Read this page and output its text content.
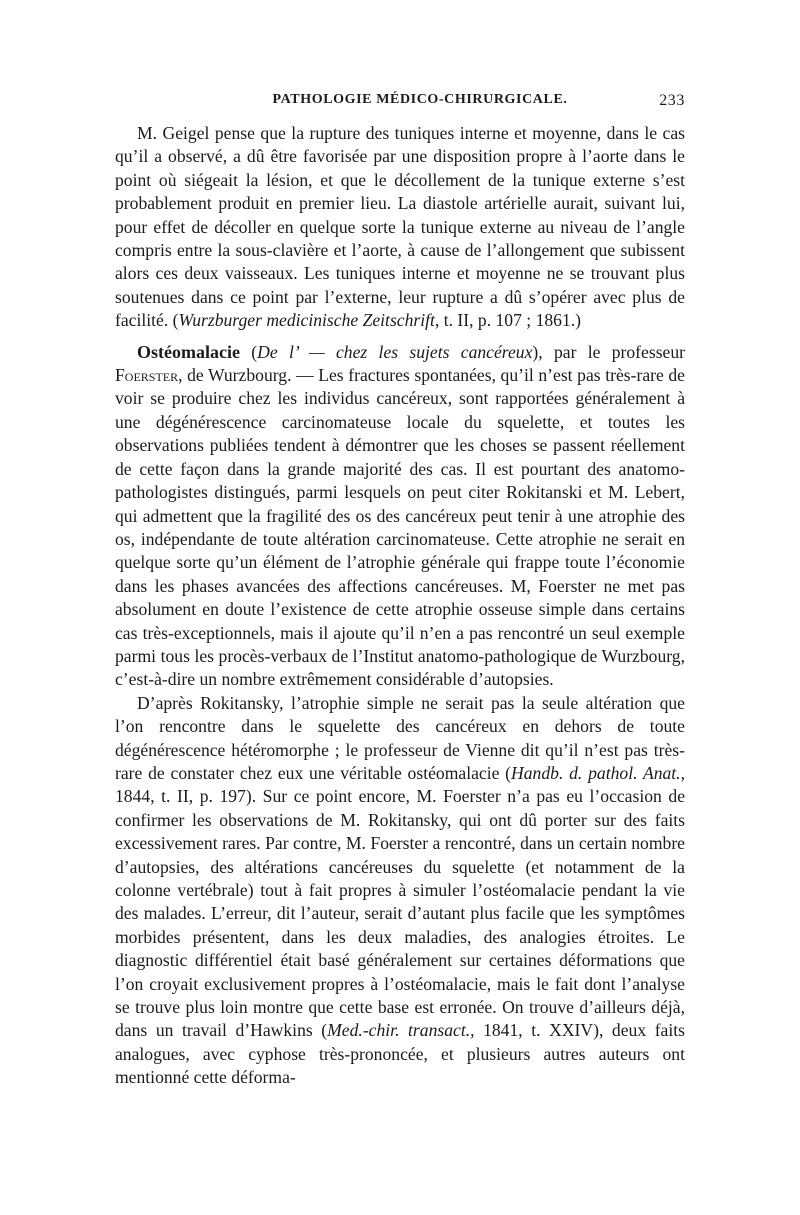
PATHOLOGIE MÉDICO-CHIRURGICALE.	233

M. Geigel pense que la rupture des tuniques interne et moyenne, dans le cas qu’il a observé, a dû être favorisée par une disposition propre à l’aorte dans le point où siégeait la lésion, et que le décollement de la tunique externe s’est probablement produit en premier lieu. La diastole artérielle aurait, suivant lui, pour effet de décoller en quelque sorte la tunique externe au niveau de l’angle compris entre la sous-clavière et l’aorte, à cause de l’allongement que subissent alors ces deux vaisseaux. Les tuniques interne et moyenne ne se trouvant plus soutenues dans ce point par l’externe, leur rupture a dû s’opérer avec plus de facilité. (Wurzburger medicinische Zeitschrift, t. II, p. 107 ; 1861.)

Ostéomalacie (De l’ — chez les sujets cancéreux), par le professeur Foerster, de Wurzbourg. — Les fractures spontanées, qu’il n’est pas très-rare de voir se produire chez les individus cancéreux, sont rapportées généralement à une dégénérescence carcinomateuse locale du squelette, et toutes les observations publiées tendent à démontrer que les choses se passent réellement de cette façon dans la grande majorité des cas. Il est pourtant des anatomo-pathologistes distingués, parmi lesquels on peut citer Rokitanski et M. Lebert, qui admettent que la fragilité des os des cancéreux peut tenir à une atrophie des os, indépendante de toute altération carcinomateuse. Cette atrophie ne serait en quelque sorte qu’un élément de l’atrophie générale qui frappe toute l’économie dans les phases avancées des affections cancéreuses. M, Foerster ne met pas absolument en doute l’existence de cette atrophie osseuse simple dans certains cas très-exceptionnels, mais il ajoute qu’il n’en a pas rencontré un seul exemple parmi tous les procès-verbaux de l’Institut anatomo-pathologique de Wurzbourg, c’est-à-dire un nombre extrêmement considérable d’autopsies.

D’après Rokitansky, l’atrophie simple ne serait pas la seule altération que l’on rencontre dans le squelette des cancéreux en dehors de toute dégénérescence hétéromorphe ; le professeur de Vienne dit qu’il n’est pas très-rare de constater chez eux une véritable ostéomalacie (Handb. d. pathol. Anat., 1844, t. II, p. 197). Sur ce point encore, M. Foerster n’a pas eu l’occasion de confirmer les observations de M. Rokitansky, qui ont dû porter sur des faits excessivement rares. Par contre, M. Foerster a rencontré, dans un certain nombre d’autopsies, des altérations cancéreuses du squelette (et notamment de la colonne vertébrale) tout à fait propres à simuler l’ostéomalacie pendant la vie des malades. L’erreur, dit l’auteur, serait d’autant plus facile que les symptômes morbides présentent, dans les deux maladies, des analogies étroites. Le diagnostic différentiel était basé généralement sur certaines déformations que l’on croyait exclusivement propres à l’ostéomalacie, mais le fait dont l’analyse se trouve plus loin montre que cette base est erronée. On trouve d’ailleurs déjà, dans un travail d’Hawkins (Med.-chir. transact., 1841, t. XXIV), deux faits analogues, avec cyphose très-prononcée, et plusieurs autres auteurs ont mentionné cette déforma-
